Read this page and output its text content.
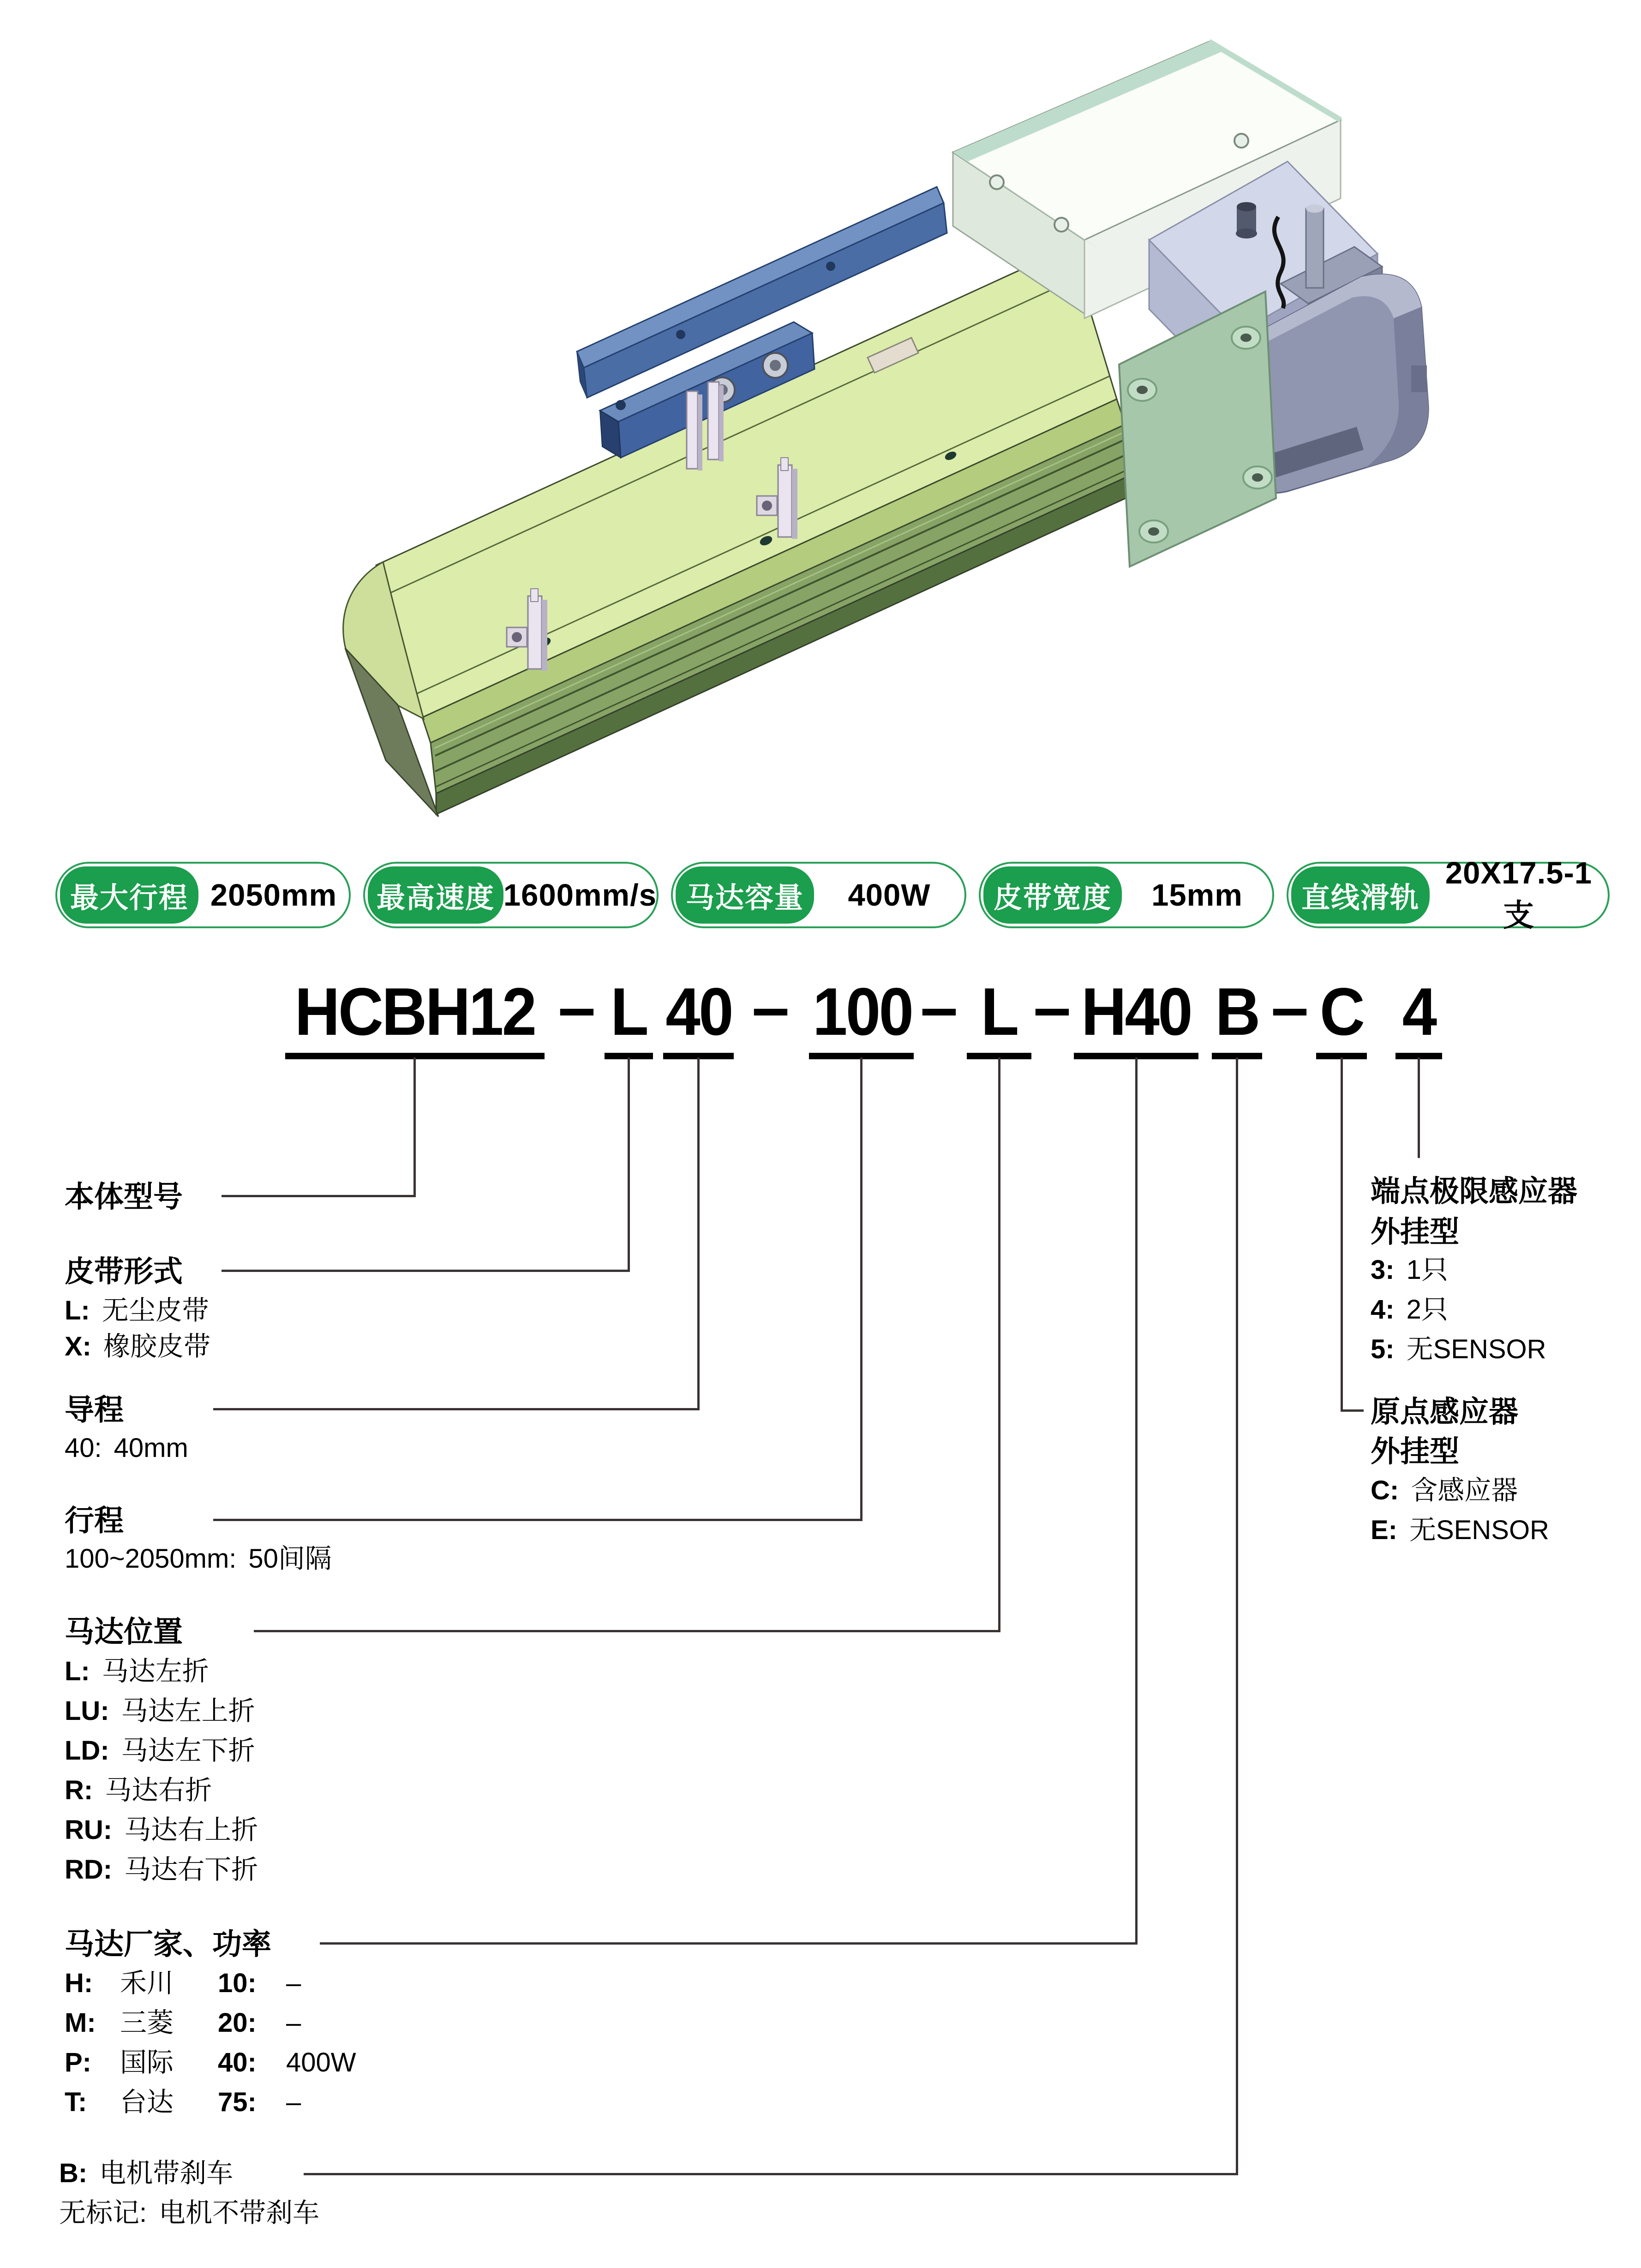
最大行程 2050mm	最高速度 1600mm/s	马达容量	400W	皮带宽度	15mm	直线滑轨
20X17.5-1支
HCBH12 – L 40 – 100 – L – H40 B – C 4
本体型号
皮带形式
L: 无尘皮带
X: 橡胶皮带
导程
40: 40mm
行程
100~2050mm: 50间隔
马达位置
L: 马达左折
LU: 马达左上折
LD: 马达左下折
R: 马达右折
RU: 马达右上折
RD: 马达右下折
马达厂家、功率
H: 禾川 10: –
M: 三菱 20: –
P: 国际 40: 400W
T: 台达 75: –
B: 电机带刹车
无标记: 电机不带刹车
端点极限感应器
外挂型
3: 1只
4: 2只
5: 无SENSOR
原点感应器
外挂型
C: 含感应器
E: 无SENSOR
